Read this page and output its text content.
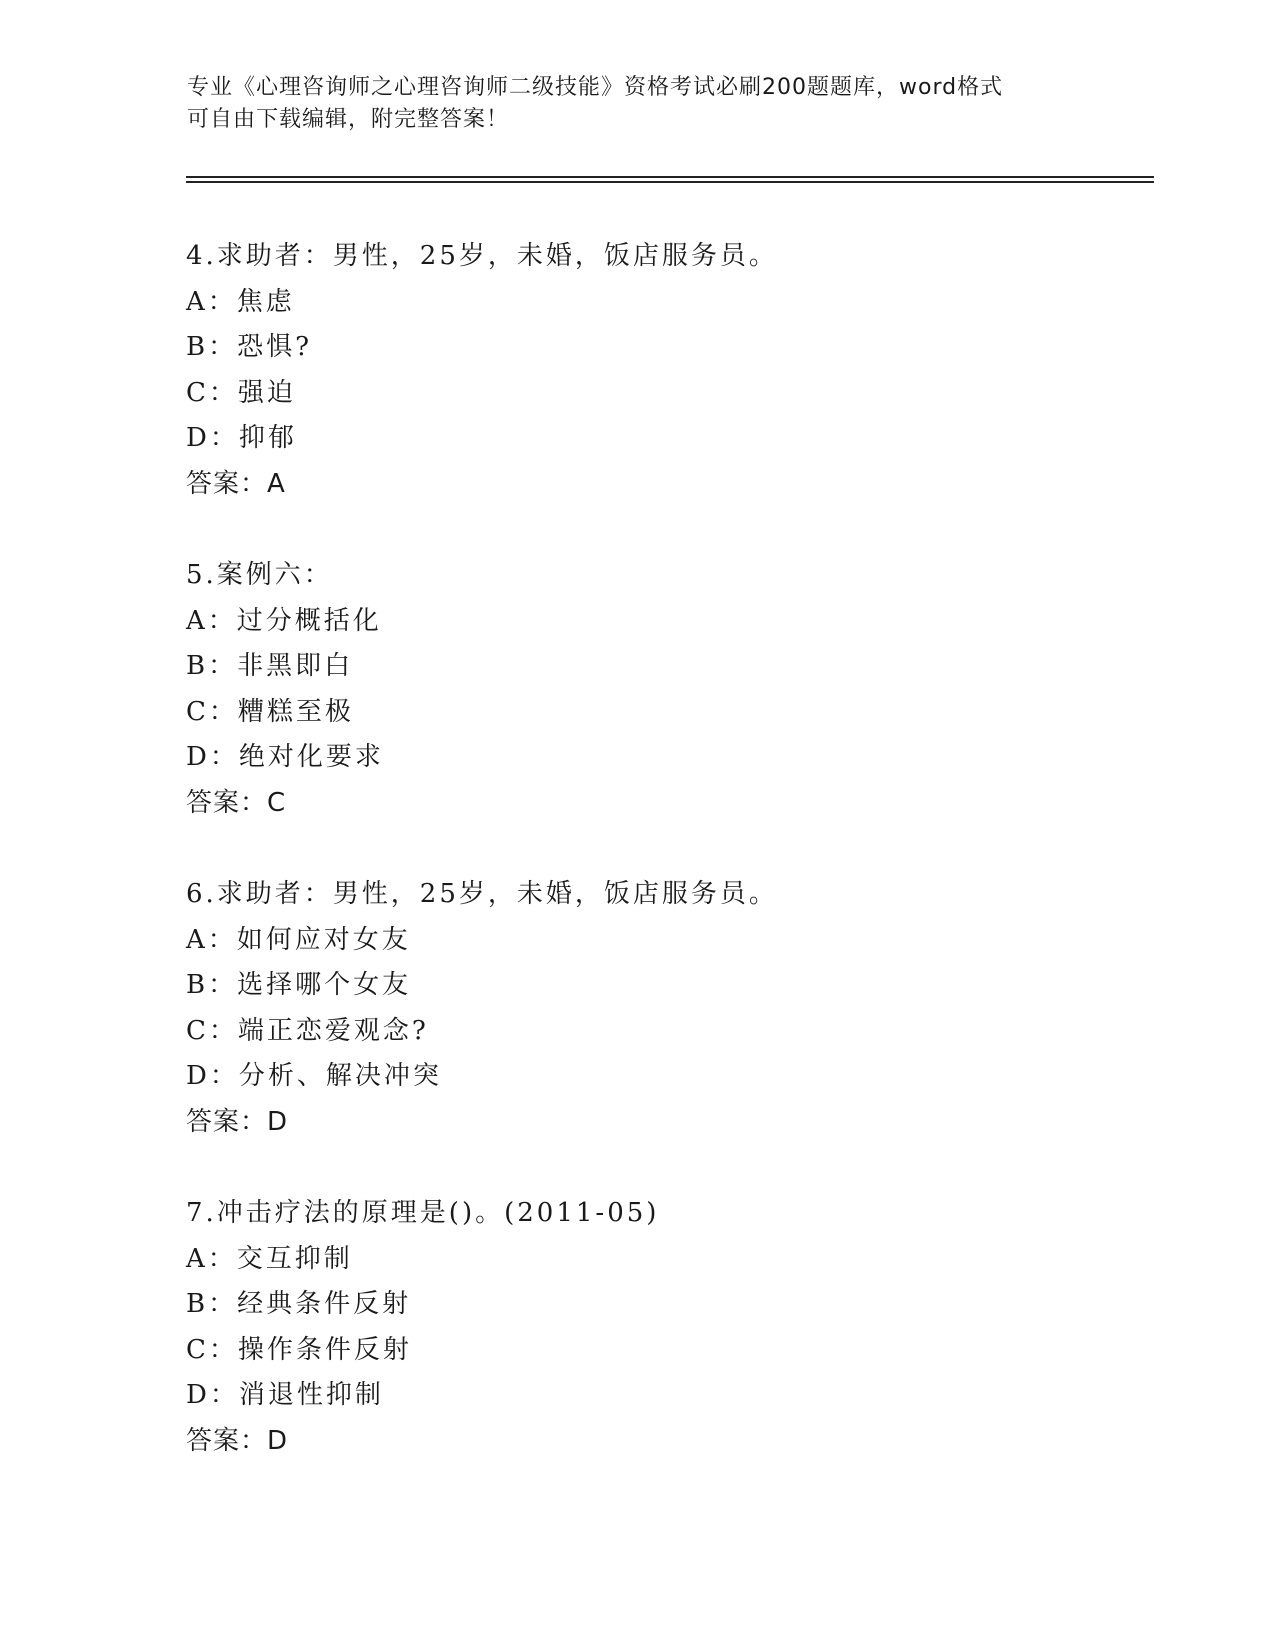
专业《心理咨询师之心理咨询师二级技能》资格考试必刷200题题库，word格式
可自由下载编辑，附完整答案！
4.求助者：男性，25岁，未婚，饭店服务员。
A：焦虑
B：恐惧?
C：强迫
D：抑郁
答案：A
5.案例六：
A：过分概括化
B：非黑即白
C：糟糕至极
D：绝对化要求
答案：C
6.求助者：男性，25岁，未婚，饭店服务员。
A：如何应对女友
B：选择哪个女友
C：端正恋爱观念?
D：分析、解决冲突
答案：D
7.冲击疗法的原理是()。(2011-05)
A：交互抑制
B：经典条件反射
C：操作条件反射
D：消退性抑制
答案：D
